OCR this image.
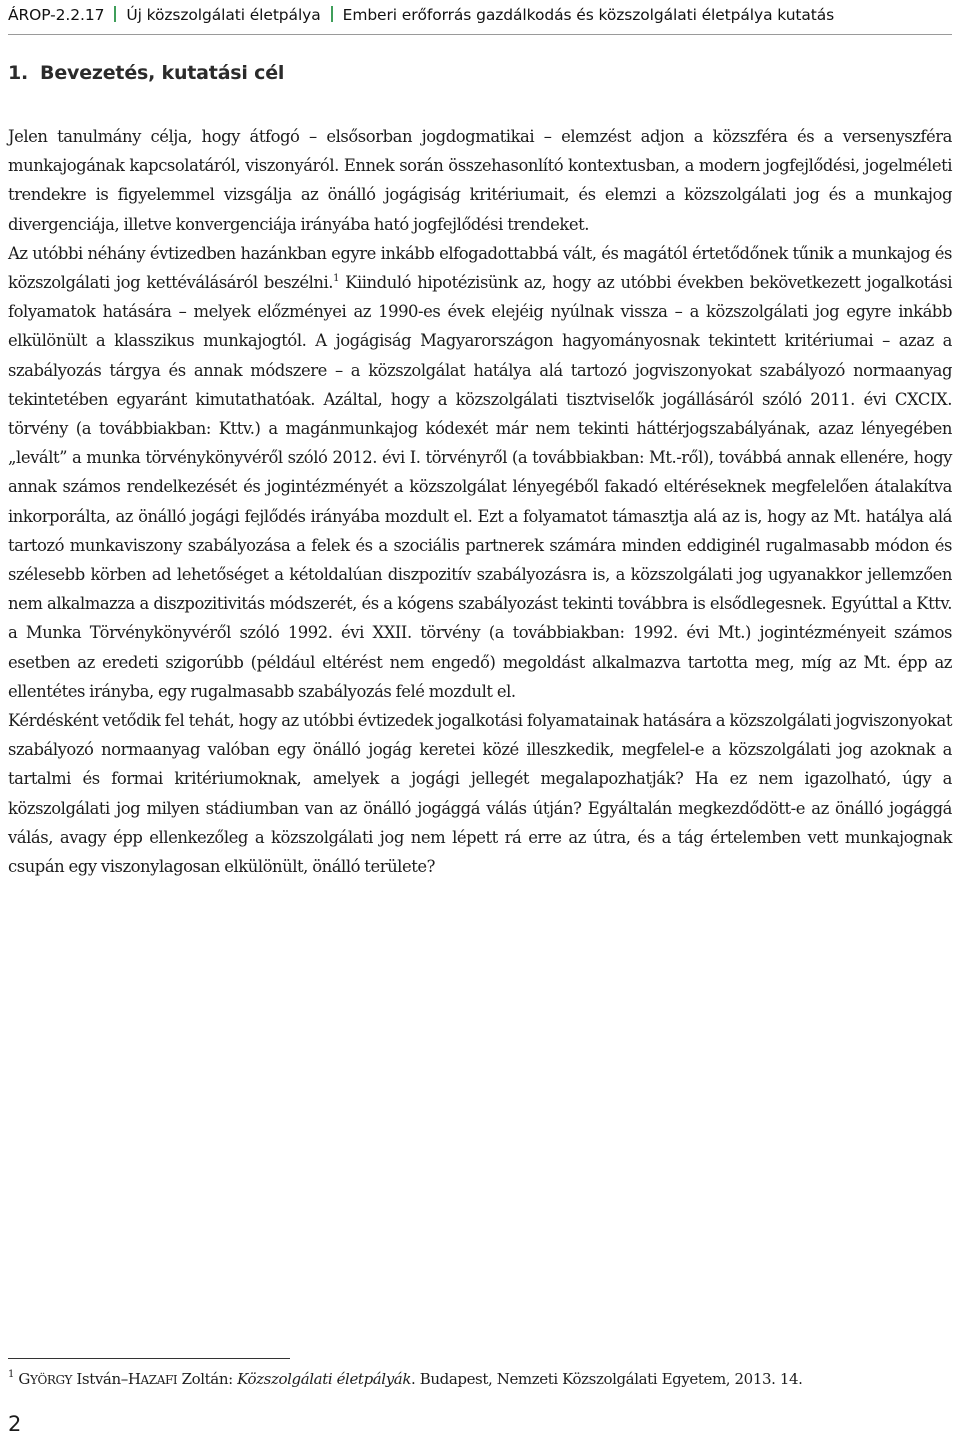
ÁROP-2.2.17 Új közszolgálati életpálya Emberi erőforrás gazdálkodás és közszolgálati életpálya kutatás
1. Bevezetés, kutatási cél

Jelen tanulmány célja, hogy átfogó – elsősorban jogdogmatikai – elemzést adjon a közszféra és a versenyszféra munkajogának kapcsolatáról, viszonyáról. Ennek során összehasonlító kontextusban, a modern jogfejlődési, jogelméleti trendekre is figyelemmel vizsgálja az önálló jogágiság kritériumait, és elemzi a közszolgálati jog és a munkajog divergenciája, illetve konvergenciája irányába ható jogfejlődési trendeket.

Az utóbbi néhány évtizedben hazánkban egyre inkább elfogadottabbá vált, és magától értetődőnek tűnik a munkajog és közszolgálati jog kettéválásáról beszélni.$^1$ Kiinduló hipotézisünk az, hogy az utóbbi években bekövetkezett jogalkotási folyamatok hatására – melyek előzményei az 1990-es évek elejéig nyúlnak vissza – a közszolgálati jog egyre inkább elkülönült a klasszikus munkajogtól. A jogágiság Magyarországon hagyományosnak tekintett kritériumai – azaz a szabályozás tárgya és annak módszere – a közszolgálat hatálya alá tartozó jogviszonyokat szabályozó normaanyag tekintetében egyaránt kimutathatóak. Azáltal, hogy a közszolgálati tisztviselők jogállásáról szóló 2011. évi CXCIX. törvény (a továbbiakban: Kttv.) a magánmunkajog kódexét már nem tekinti háttérjogszabályának, azaz lényegében „levált” a munka törvénykönyvéről szóló 2012. évi I. törvényről (a továbbiakban: Mt.-ről), továbbá annak ellenére, hogy annak számos rendelkezését és jogintézményét a közszolgálat lényegéből fakadó eltéréseknek megfelelően átalakítva inkorporálta, az önálló jogági fejlődés irányába mozdult el. Ezt a folyamatot támasztja alá az is, hogy az Mt. hatálya alá tartozó munkaviszony szabályozása a felek és a szociális partnerek számára minden eddiginél rugalmasabb módon és szélesebb körben ad lehetőséget a kétoldalúan diszpozitív szabályozásra is, a közszolgálati jog ugyanakkor jellemzően nem alkalmazza a diszpozitivitás módszerét, és a kógens szabályozást tekinti továbbra is elsődlegesnek. Egyúttal a Kttv. a Munka Törvénykönyvéről szóló 1992. évi XXII. törvény (a továbbiakban: 1992. évi Mt.) jogintézményeit számos esetben az eredeti szigorúbb (például eltérést nem engedő) megoldást alkalmazva tartotta meg, míg az Mt. épp az ellentétes irányba, egy rugalmasabb szabályozás felé mozdult el.

Kérdésként vetődik fel tehát, hogy az utóbbi évtizedek jogalkotási folyamatainak hatására a közszolgálati jogviszonyokat szabályozó normaanyag valóban egy önálló jogág keretei közé illeszkedik, megfelel-e a közszolgálati jog azoknak a tartalmi és formai kritériumoknak, amelyek a jogági jellegét megalapozhatják? Ha ez nem igazolható, úgy a közszolgálati jog milyen stádiumban van az önálló jogággá válás útján? Egyáltalán megkezdődött-e az önálló jogággá válás, avagy épp ellenkezőleg a közszolgálati jog nem lépett rá erre az útra, és a tág értelemben vett munkajognak csupán egy viszonylagosan elkülönült, önálló területe?

$^1$ GYÖRGY István–HAZAFI Zoltán: Közszolgálati életpályák. Budapest, Nemzeti Közszolgálati Egyetem, 2013. 14.
2
